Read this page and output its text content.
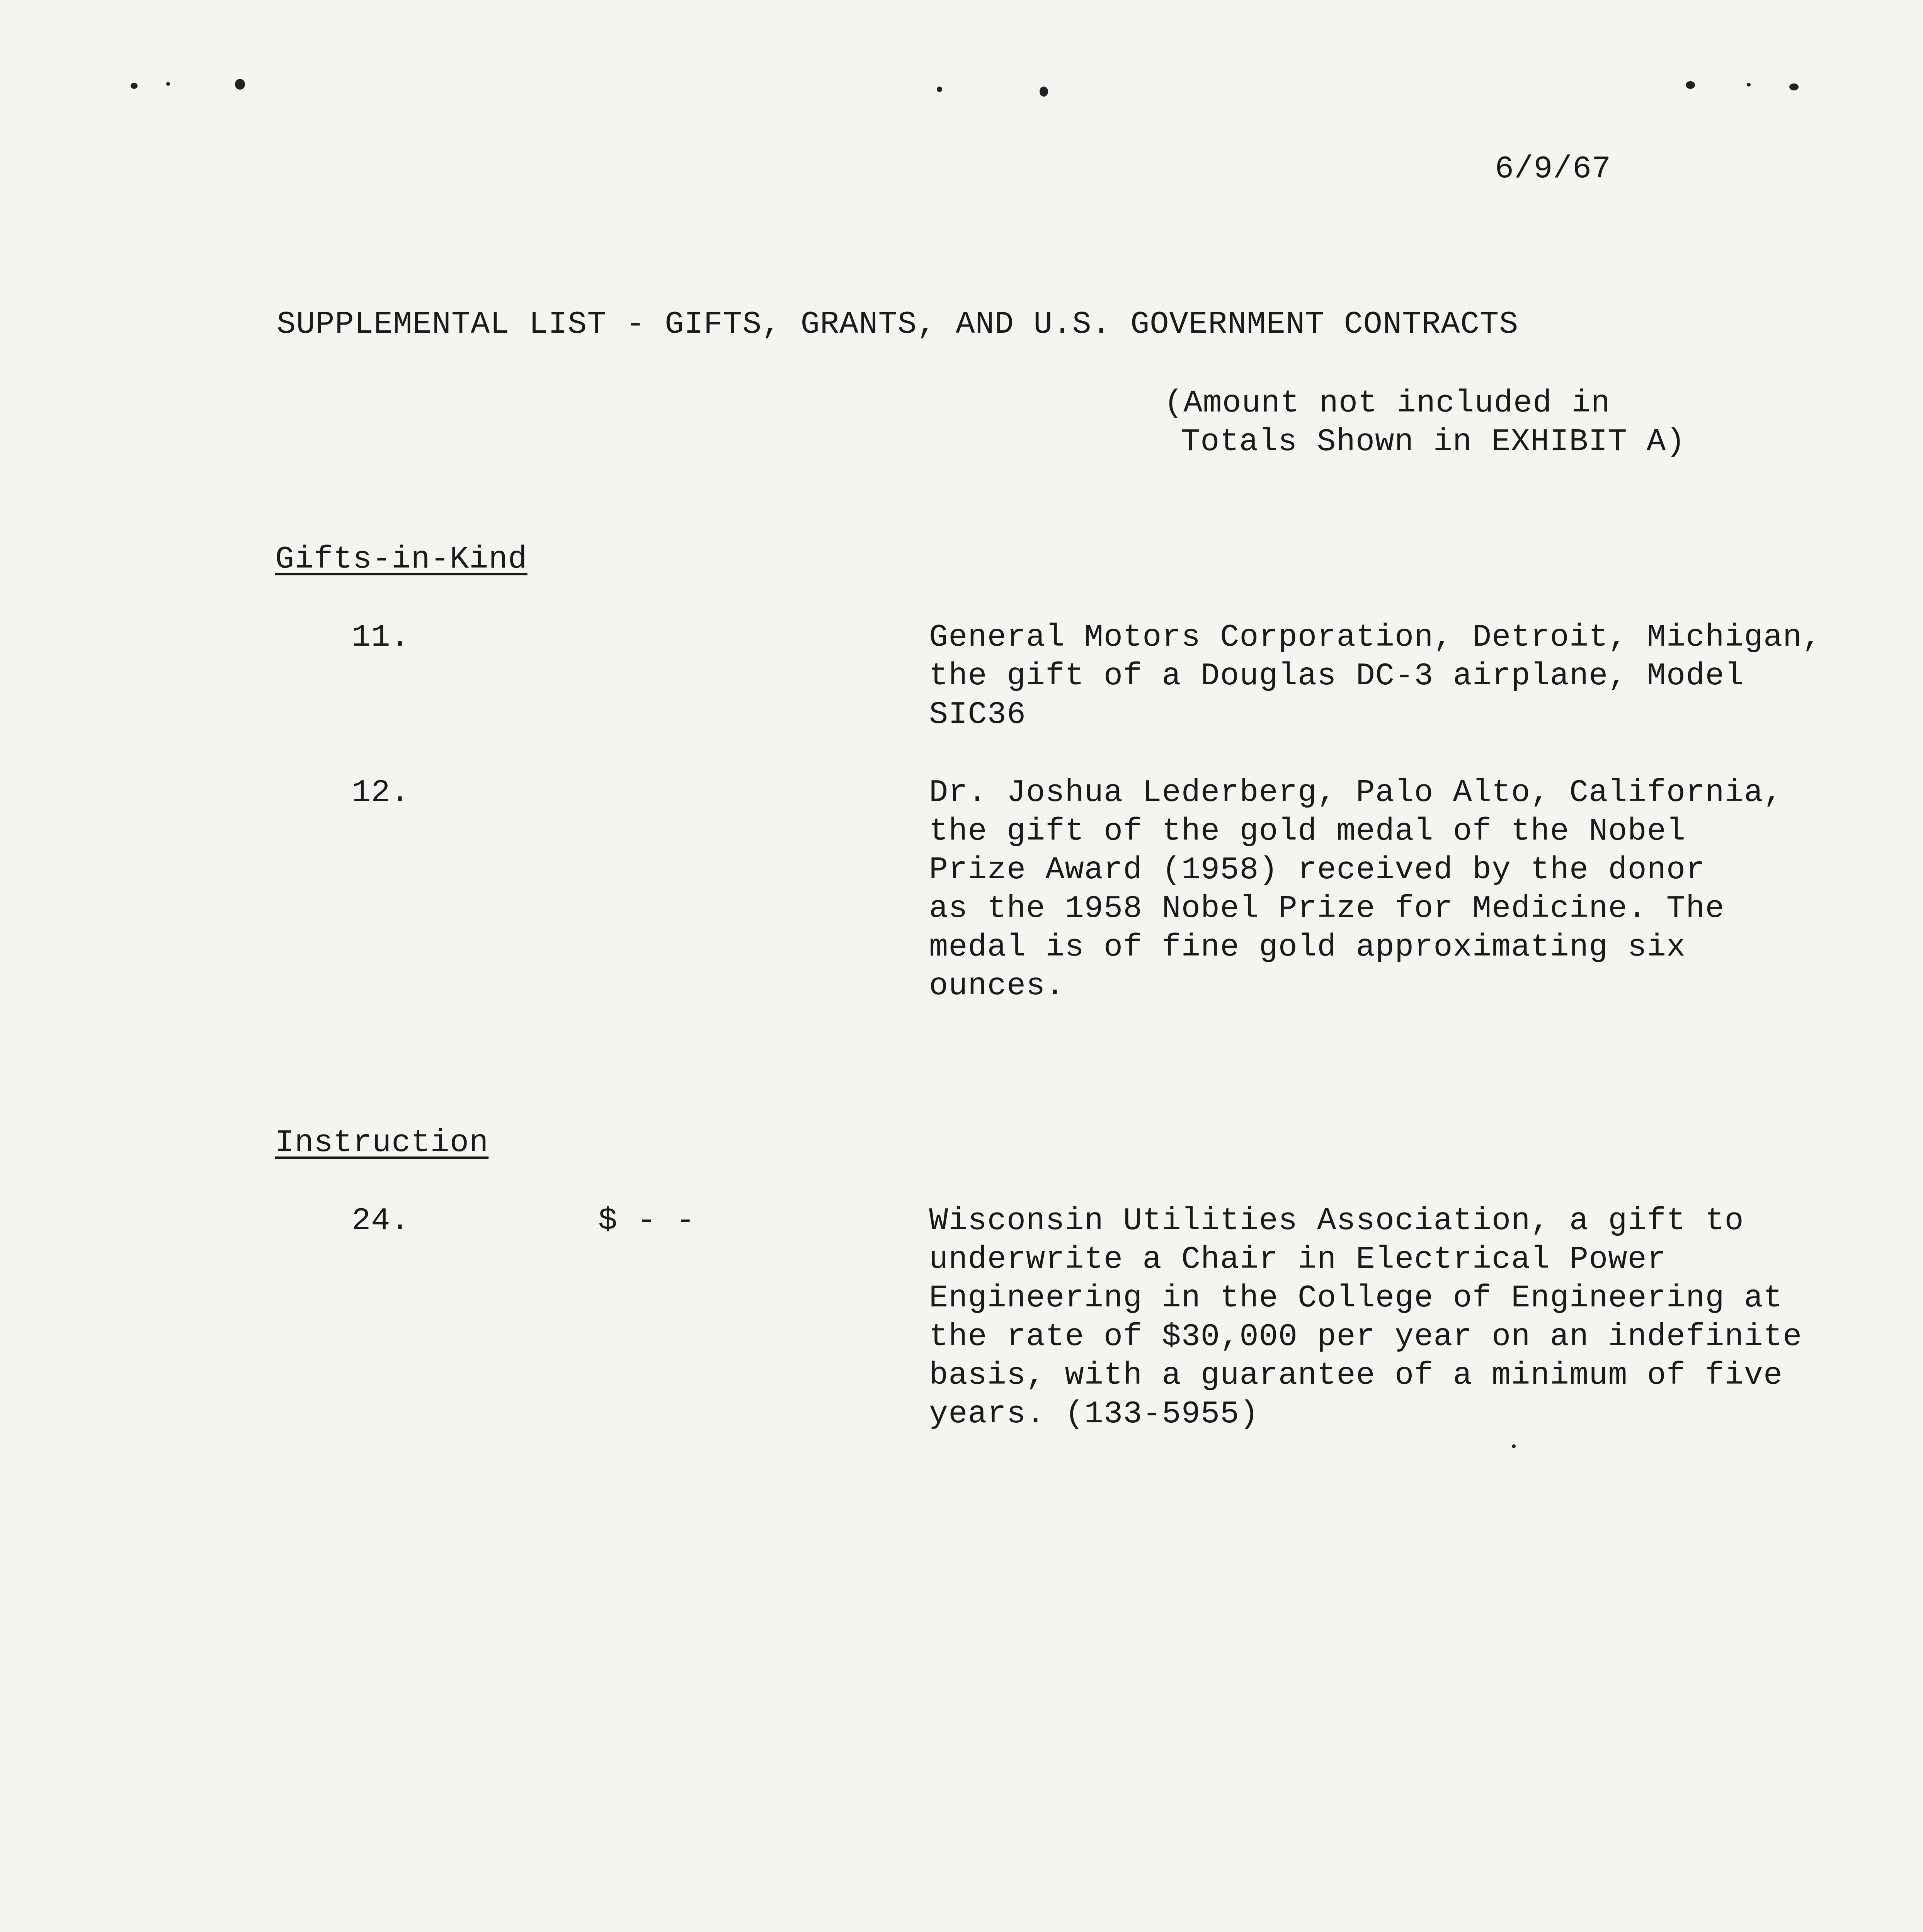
6/9/67
SUPPLEMENTAL LIST - GIFTS, GRANTS, AND U.S. GOVERNMENT CONTRACTS
(Amount not included in
Totals Shown in EXHIBIT A)
Gifts-in-Kind
11.	General Motors Corporation, Detroit, Michigan,
the gift of a Douglas DC-3 airplane, Model
SIC36
12.	Dr. Joshua Lederberg, Palo Alto, California,
the gift of the gold medal of the Nobel
Prize Award (1958) received by the donor
as the 1958 Nobel Prize for Medicine. The
medal is of fine gold approximating six
ounces.
Instruction
24.	$ - -	Wisconsin Utilities Association, a gift to
underwrite a Chair in Electrical Power
Engineering in the College of Engineering at
the rate of $30,000 per year on an indefinite
basis, with a guarantee of a minimum of five
years. (133-5955)
